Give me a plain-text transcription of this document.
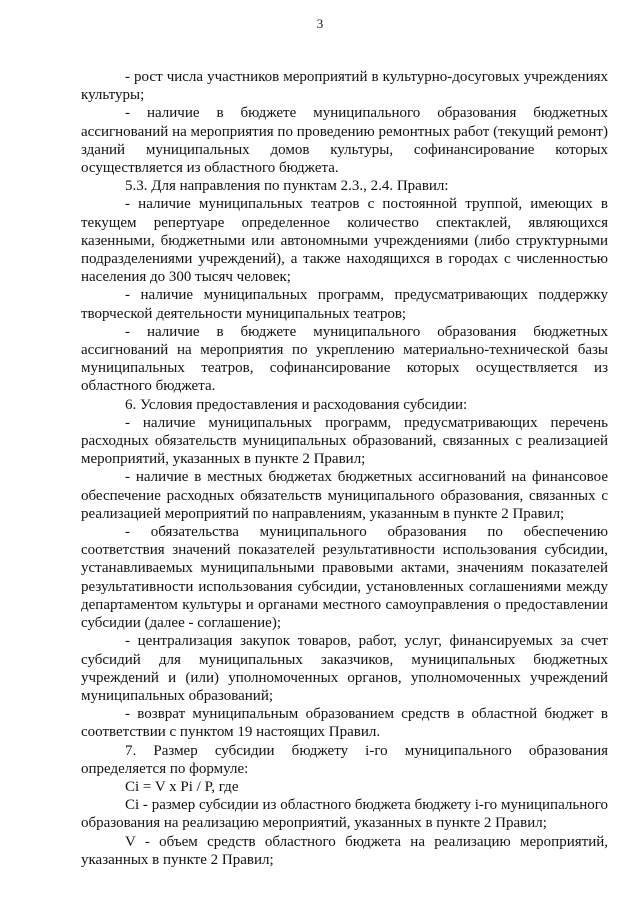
3

- рост числа участников мероприятий в культурно-досуговых учреждениях культуры;

- наличие в бюджете муниципального образования бюджетных ассигнований на мероприятия по проведению ремонтных работ (текущий ремонт) зданий муниципальных домов культуры, софинансирование которых осуществляется из областного бюджета.

5.3. Для направления по пунктам 2.3., 2.4. Правил:

- наличие муниципальных театров с постоянной труппой, имеющих в текущем репертуаре определенное количество спектаклей, являющихся казенными, бюджетными или автономными учреждениями (либо структурными подразделениями учреждений), а также находящихся в городах с численностью населения до 300 тысяч человек;

- наличие муниципальных программ, предусматривающих поддержку творческой деятельности муниципальных театров;

- наличие в бюджете муниципального образования бюджетных ассигнований на мероприятия по укреплению материально-технической базы муниципальных театров, софинансирование которых осуществляется из областного бюджета.

6. Условия предоставления и расходования субсидии:

- наличие муниципальных программ, предусматривающих перечень расходных обязательств муниципальных образований, связанных с реализацией мероприятий, указанных в пункте 2 Правил;

- наличие в местных бюджетах бюджетных ассигнований на финансовое обеспечение расходных обязательств муниципального образования, связанных с реализацией мероприятий по направлениям, указанным в пункте 2 Правил;

- обязательства муниципального образования по обеспечению соответствия значений показателей результативности использования субсидии, устанавливаемых муниципальными правовыми актами, значениям показателей результативности использования субсидии, установленных соглашениями между департаментом культуры и органами местного самоуправления о предоставлении субсидии (далее - соглашение);

- централизация закупок товаров, работ, услуг, финансируемых за счет субсидий для муниципальных заказчиков, муниципальных бюджетных учреждений и (или) уполномоченных органов, уполномоченных учреждений муниципальных образований;

- возврат муниципальным образованием средств в областной бюджет в соответствии с пунктом 19 настоящих Правил.

7. Размер субсидии бюджету i-го муниципального образования определяется по формуле:

Ci = V x Pi / P, где

Ci - размер субсидии из областного бюджета бюджету i-го муниципального образования на реализацию мероприятий, указанных в пункте 2 Правил;

V - объем средств областного бюджета на реализацию мероприятий, указанных в пункте 2 Правил;
